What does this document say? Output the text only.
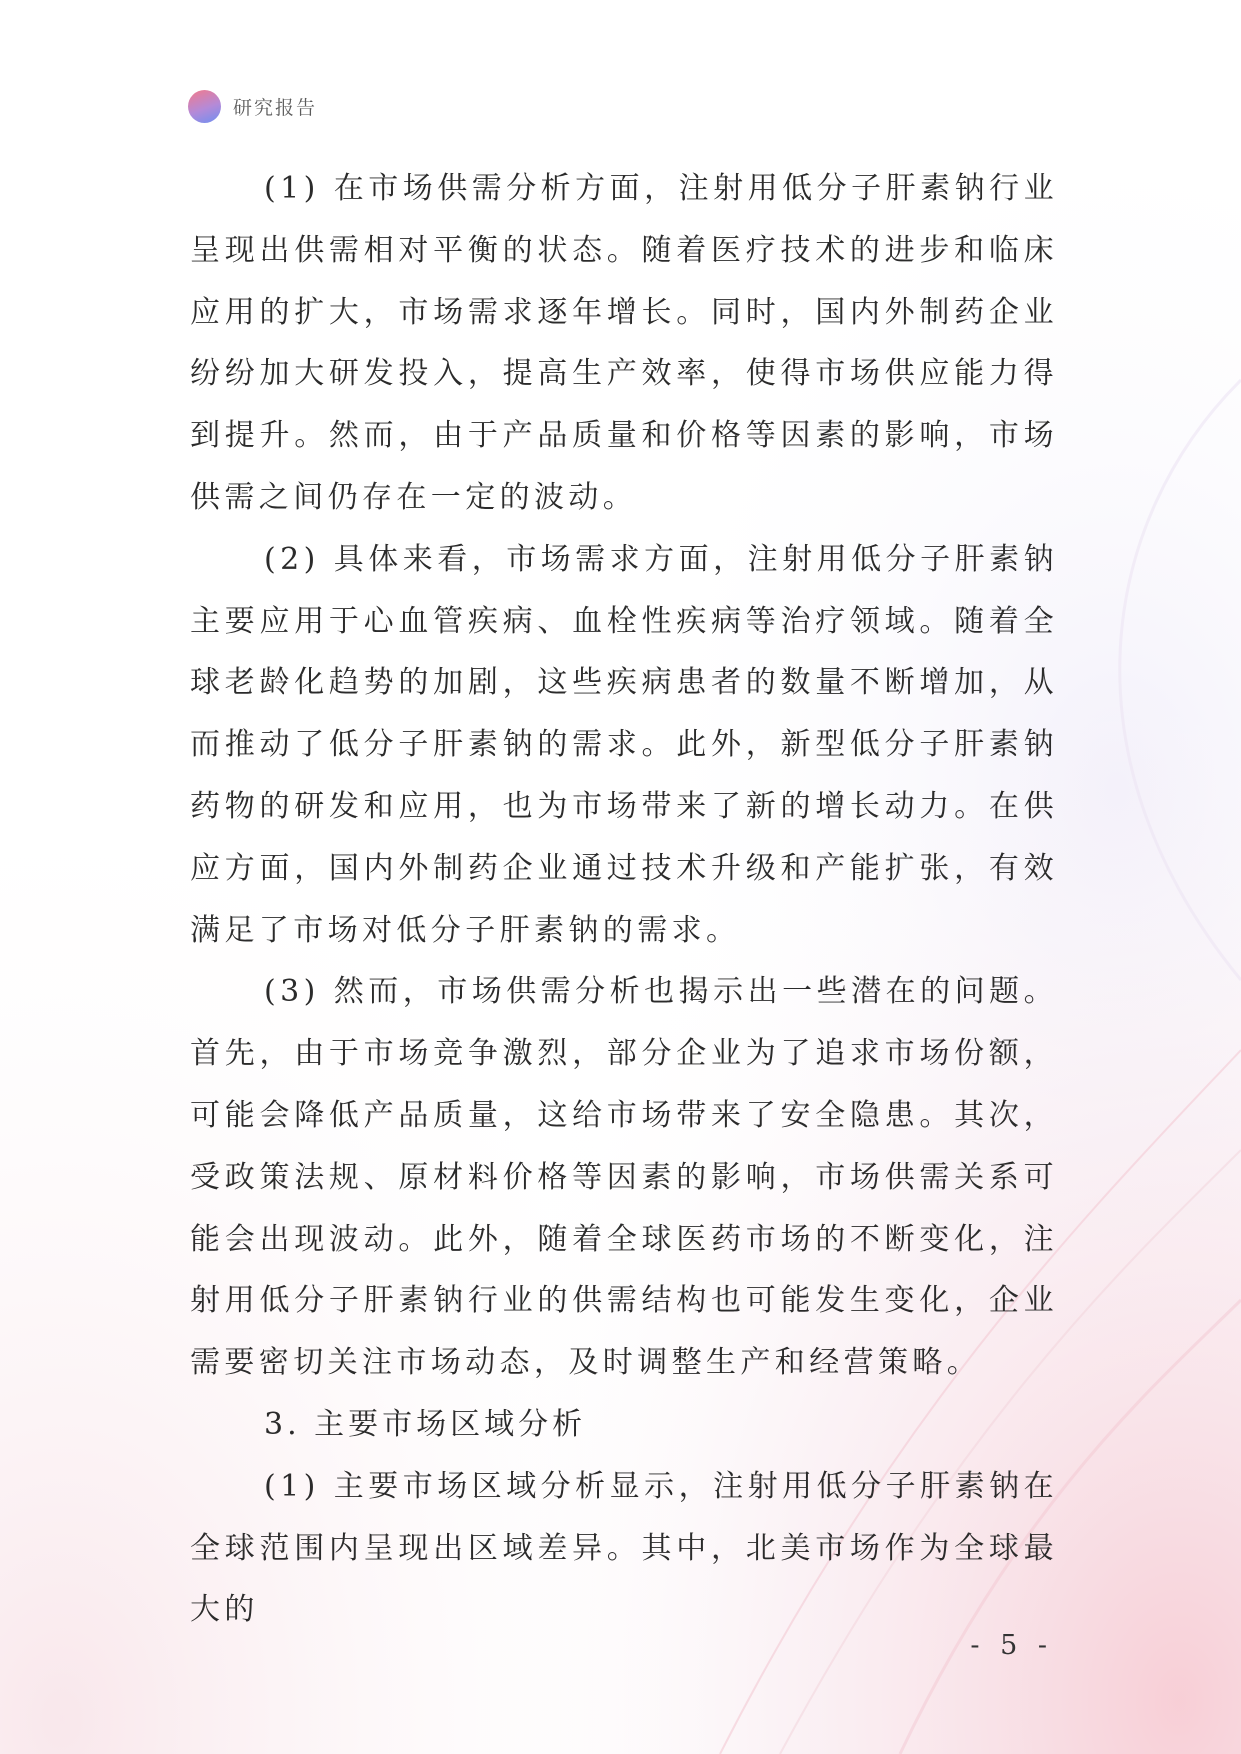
研究报告

(1) 在市场供需分析方面，注射用低分子肝素钠行业呈现出供需相对平衡的状态。随着医疗技术的进步和临床应用的扩大，市场需求逐年增长。同时，国内外制药企业纷纷加大研发投入，提高生产效率，使得市场供应能力得到提升。然而，由于产品质量和价格等因素的影响，市场供需之间仍存在一定的波动。

(2) 具体来看，市场需求方面，注射用低分子肝素钠主要应用于心血管疾病、血栓性疾病等治疗领域。随着全球老龄化趋势的加剧，这些疾病患者的数量不断增加，从而推动了低分子肝素钠的需求。此外，新型低分子肝素钠药物的研发和应用，也为市场带来了新的增长动力。在供应方面，国内外制药企业通过技术升级和产能扩张，有效满足了市场对低分子肝素钠的需求。

(3) 然而，市场供需分析也揭示出一些潜在的问题。首先，由于市场竞争激烈，部分企业为了追求市场份额，可能会降低产品质量，这给市场带来了安全隐患。其次，受政策法规、原材料价格等因素的影响，市场供需关系可能会出现波动。此外，随着全球医药市场的不断变化，注射用低分子肝素钠行业的供需结构也可能发生变化，企业需要密切关注市场动态，及时调整生产和经营策略。

3. 主要市场区域分析

(1) 主要市场区域分析显示，注射用低分子肝素钠在全球范围内呈现出区域差异。其中，北美市场作为全球最大的

- 5 -
